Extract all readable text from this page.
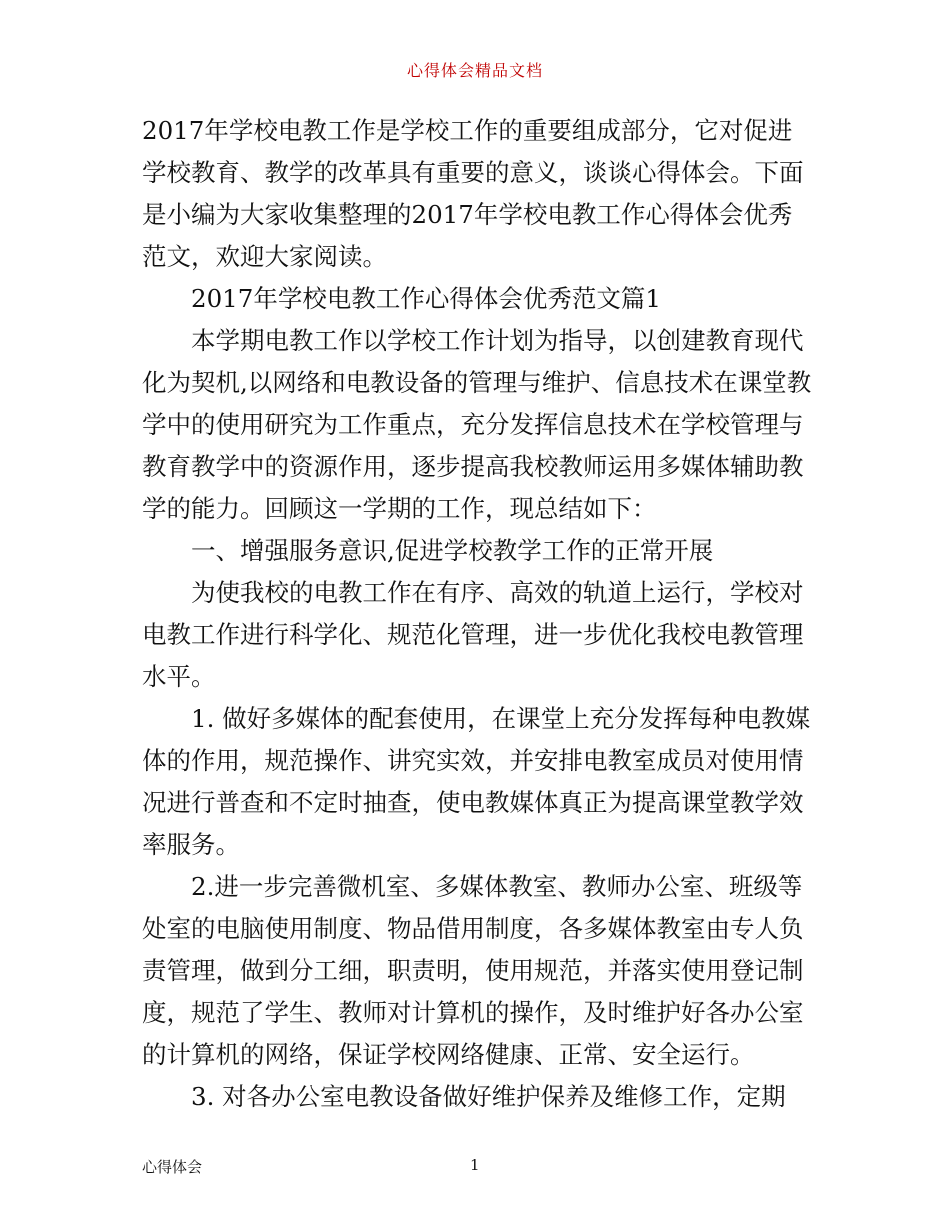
心得体会精品文档

2017年学校电教工作是学校工作的重要组成部分，它对促进学校教育、教学的改革具有重要的意义，谈谈心得体会。下面是小编为大家收集整理的2017年学校电教工作心得体会优秀范文，欢迎大家阅读。

2017年学校电教工作心得体会优秀范文篇1

本学期电教工作以学校工作计划为指导，以创建教育现代化为契机,以网络和电教设备的管理与维护、信息技术在课堂教学中的使用研究为工作重点，充分发挥信息技术在学校管理与教育教学中的资源作用，逐步提高我校教师运用多媒体辅助教学的能力。回顾这一学期的工作，现总结如下：

一、增强服务意识,促进学校教学工作的正常开展

为使我校的电教工作在有序、高效的轨道上运行，学校对电教工作进行科学化、规范化管理，进一步优化我校电教管理水平。

1. 做好多媒体的配套使用，在课堂上充分发挥每种电教媒体的作用，规范操作、讲究实效，并安排电教室成员对使用情况进行普查和不定时抽查，使电教媒体真正为提高课堂教学效率服务。

2.进一步完善微机室、多媒体教室、教师办公室、班级等处室的电脑使用制度、物品借用制度，各多媒体教室由专人负责管理，做到分工细，职责明，使用规范，并落实使用登记制度，规范了学生、教师对计算机的操作，及时维护好各办公室的计算机的网络，保证学校网络健康、正常、安全运行。

3. 对各办公室电教设备做好维护保养及维修工作，定期

心得体会	1
